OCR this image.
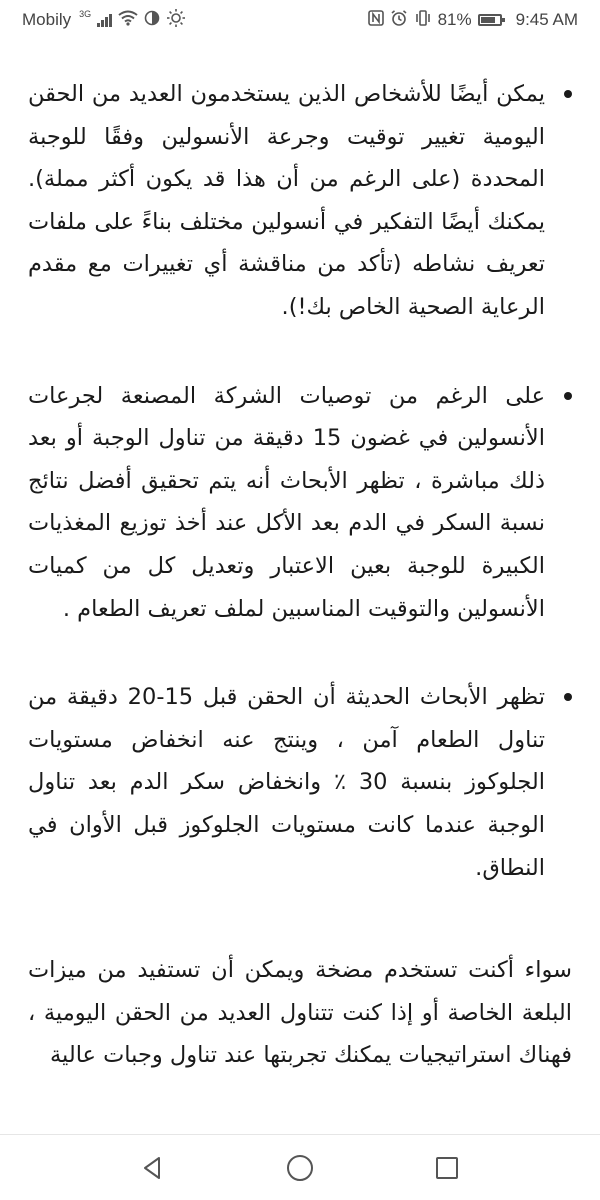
Mobily 3G	81%	9:45 AM
يمكن أيضًا للأشخاص الذين يستخدمون العديد من الحقن اليومية تغيير توقيت وجرعة الأنسولين وفقًا للوجبة المحددة (على الرغم من أن هذا قد يكون أكثر مملة). يمكنك أيضًا التفكير في أنسولين مختلف بناءً على ملفات تعريف نشاطه (تأكد من مناقشة أي تغييرات مع مقدم الرعاية الصحية الخاص بك!).
على الرغم من توصيات الشركة المصنعة لجرعات الأنسولين في غضون 15 دقيقة من تناول الوجبة أو بعد ذلك مباشرة ، تظهر الأبحاث أنه يتم تحقيق أفضل نتائج نسبة السكر في الدم بعد الأكل عند أخذ توزيع المغذيات الكبيرة للوجبة بعين الاعتبار وتعديل كل من كميات الأنسولين والتوقيت المناسبين لملف تعريف الطعام .
تظهر الأبحاث الحديثة أن الحقن قبل 15-20 دقيقة من تناول الطعام آمن ، وينتج عنه انخفاض مستويات الجلوكوز بنسبة 30 ٪ وانخفاض سكر الدم بعد تناول الوجبة عندما كانت مستويات الجلوكوز قبل الأوان في النطاق.

سواء أكنت تستخدم مضخة ويمكن أن تستفيد من ميزات البلعة الخاصة أو إذا كنت تتناول العديد من الحقن اليومية ، فهناك استراتيجيات يمكنك تجربتها عند تناول وجبات عالية
